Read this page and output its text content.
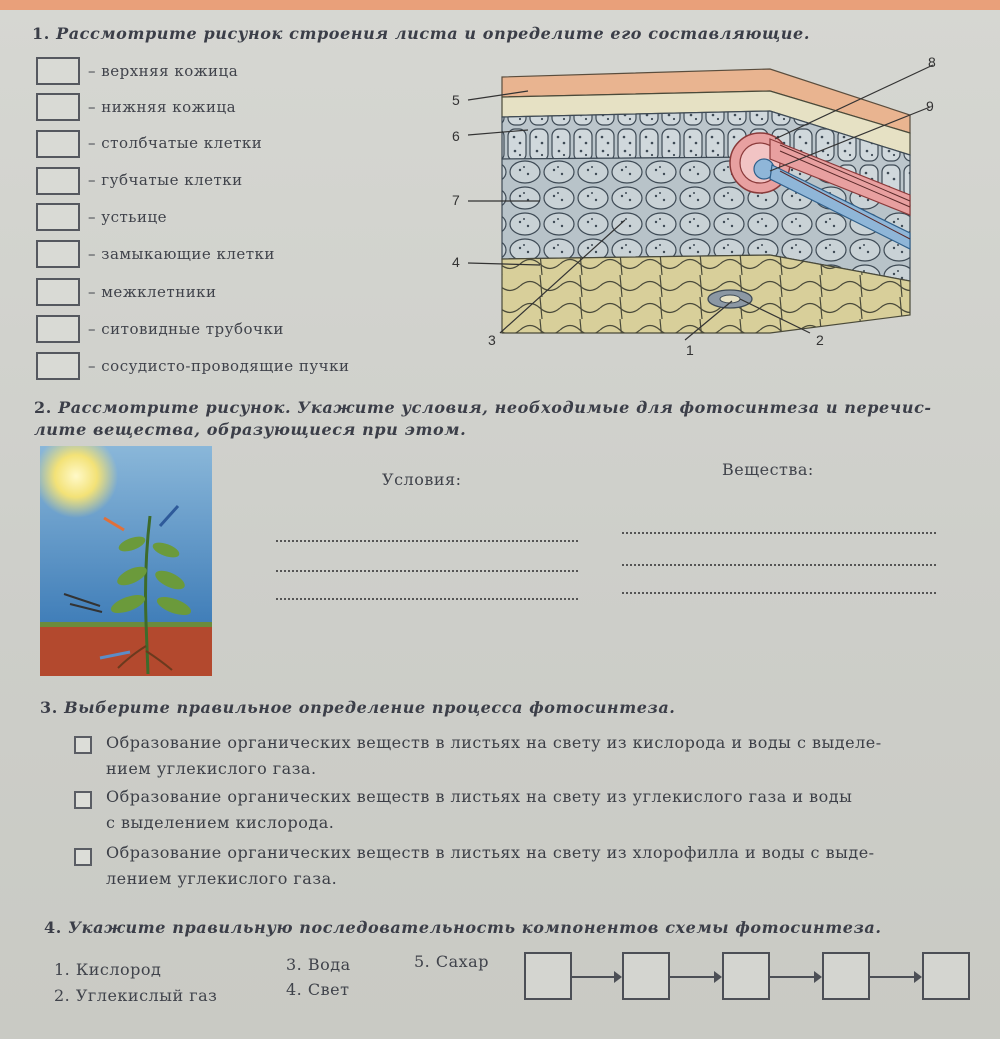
1. Рассмотрите рисунок строения листа и определите его составляющие.
– верхняя кожица
– нижняя кожица
– столбчатые клетки
– губчатые клетки
– устьице
– замыкающие клетки
– межклетники
– ситовидные трубочки
– сосудисто-проводящие пучки
1
2
3
4
5
6
7
8
9
2. Рассмотрите рисунок. Укажите условия, необходимые для фотосинтеза и перечис-
лите вещества, образующиеся при этом.
Условия:
Вещества:
3. Выберите правильное определение процесса фотосинтеза.
Образование органических веществ в листьях на свету из кислорода и воды с выделе-
нием углекислого газа.
Образование органических веществ в листьях на свету из углекислого газа и воды
с выделением кислорода.
Образование органических веществ в листьях на свету из хлорофилла и воды с выде-
лением углекислого газа.
4. Укажите правильную последовательность компонентов схемы фотосинтеза.
1. Кислород
2. Углекислый газ
3. Вода
4. Свет
5. Сахар
